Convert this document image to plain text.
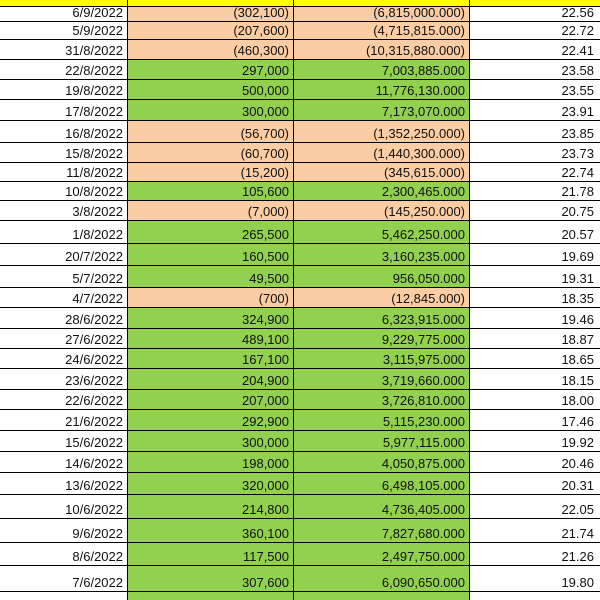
6/9/2022	(302,100)	(6,815,000.000)	22.56
5/9/2022	(207,600)	(4,715,815.000)	22.72
31/8/2022	(460,300)	(10,315,880.000)	22.41
22/8/2022	297,000	7,003,885.000	23.58
19/8/2022	500,000	11,776,130.000	23.55
17/8/2022	300,000	7,173,070.000	23.91
16/8/2022	(56,700)	(1,352,250.000)	23.85
15/8/2022	(60,700)	(1,440,300.000)	23.73
11/8/2022	(15,200)	(345,615.000)	22.74
10/8/2022	105,600	2,300,465.000	21.78
3/8/2022	(7,000)	(145,250.000)	20.75
1/8/2022	265,500	5,462,250.000	20.57
20/7/2022	160,500	3,160,235.000	19.69
5/7/2022	49,500	956,050.000	19.31
4/7/2022	(700)	(12,845.000)	18.35
28/6/2022	324,900	6,323,915.000	19.46
27/6/2022	489,100	9,229,775.000	18.87
24/6/2022	167,100	3,115,975.000	18.65
23/6/2022	204,900	3,719,660.000	18.15
22/6/2022	207,000	3,726,810.000	18.00
21/6/2022	292,900	5,115,230.000	17.46
15/6/2022	300,000	5,977,115.000	19.92
14/6/2022	198,000	4,050,875.000	20.46
13/6/2022	320,000	6,498,105.000	20.31
10/6/2022	214,800	4,736,405.000	22.05
9/6/2022	360,100	7,827,680.000	21.74
8/6/2022	117,500	2,497,750.000	21.26
7/6/2022	307,600	6,090,650.000	19.80
